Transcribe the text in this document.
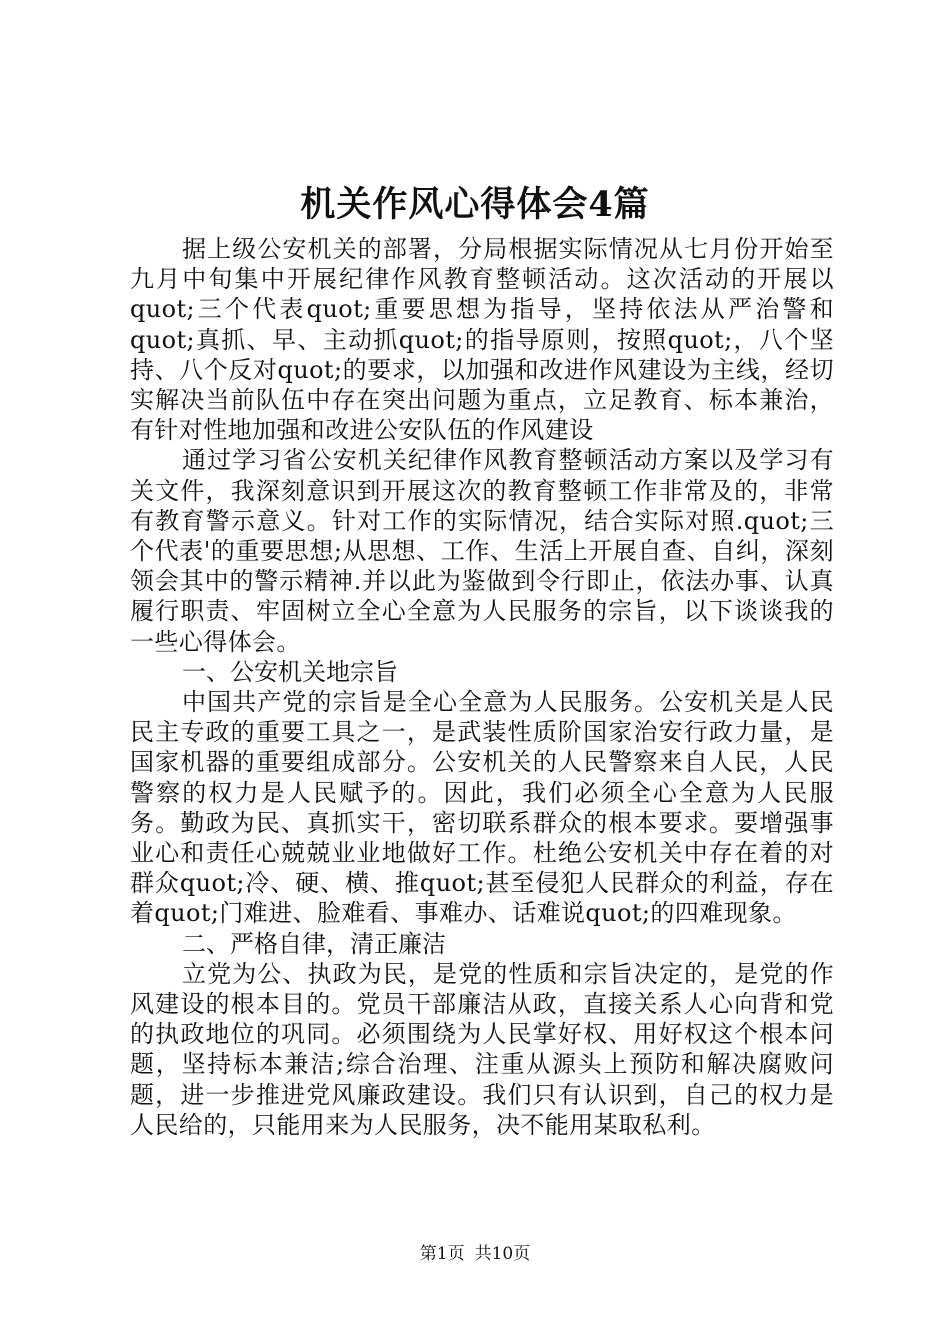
机关作风心得体会4篇

据上级公安机关的部署，分局根据实际情况从七月份开始至九月中旬集中开展纪律作风教育整顿活动。这次活动的开展以quot;三个代表quot;重要思想为指导，坚持依法从严治警和quot;真抓、早、主动抓quot;的指导原则，按照quot;，八个坚持、八个反对quot;的要求，以加强和改进作风建设为主线，经切实解决当前队伍中存在突出问题为重点，立足教育、标本兼治，有针对性地加强和改进公安队伍的作风建设

通过学习省公安机关纪律作风教育整顿活动方案以及学习有关文件，我深刻意识到开展这次的教育整顿工作非常及的，非常有教育警示意义。针对工作的实际情况，结合实际对照.quot;三个代表'的重要思想;从思想、工作、生活上开展自查、自纠，深刻领会其中的警示精神.并以此为鉴做到令行即止，依法办事、认真履行职责、牢固树立全心全意为人民服务的宗旨，以下谈谈我的一些心得体会。

一、公安机关地宗旨

中国共产党的宗旨是全心全意为人民服务。公安机关是人民民主专政的重要工具之一，是武装性质阶国家治安行政力量，是国家机器的重要组成部分。公安机关的人民警察来自人民，人民警察的权力是人民赋予的。因此，我们必须全心全意为人民服务。勤政为民、真抓实干，密切联系群众的根本要求。要增强事业心和责任心兢兢业业地做好工作。杜绝公安机关中存在着的对群众quot;冷、硬、横、推quot;甚至侵犯人民群众的利益，存在着quot;门难进、脸难看、事难办、话难说quot;的四难现象。

二、严格自律，清正廉洁

立党为公、执政为民，是党的性质和宗旨决定的，是党的作风建设的根本目的。党员干部廉洁从政，直接关系人心向背和党的执政地位的巩同。必须围绕为人民掌好权、用好权这个根本问题，坚持标本兼洁;综合治理、注重从源头上预防和解决腐败问题，进一步推进党风廉政建设。我们只有认识到，自己的权力是人民给的，只能用来为人民服务，决不能用某取私利。

第1页 共10页
